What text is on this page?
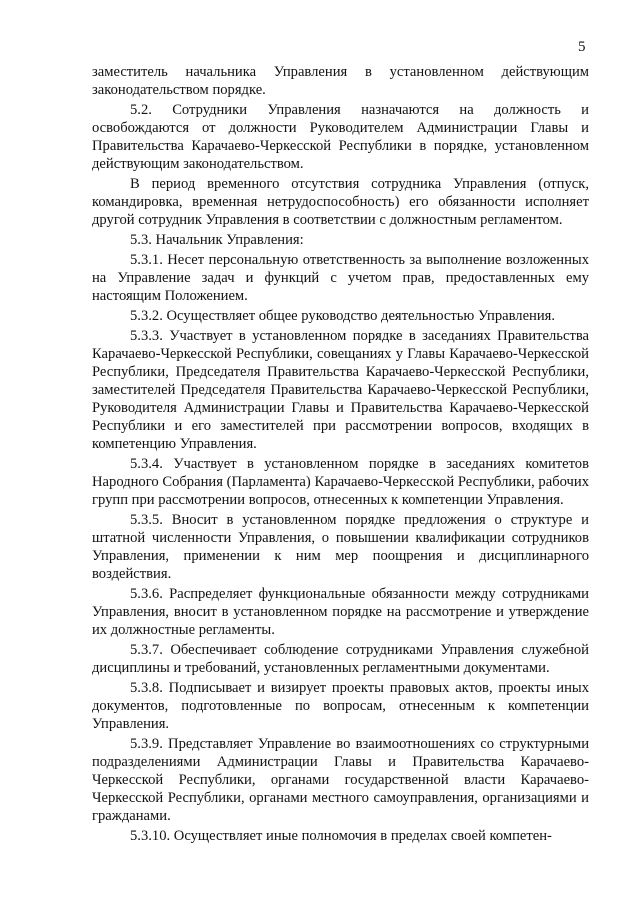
5

заместитель начальника Управления в установленном действующим законодательством порядке.

5.2. Сотрудники Управления назначаются на должность и освобождаются от должности Руководителем Администрации Главы и Правительства Карачаево-Черкесской Республики в порядке, установленном действующим законодательством.

В период временного отсутствия сотрудника Управления (отпуск, командировка, временная нетрудоспособность) его обязанности исполняет другой сотрудник Управления в соответствии с должностным регламентом.

5.3. Начальник Управления:

5.3.1. Несет персональную ответственность за выполнение возложенных на Управление задач и функций с учетом прав, предоставленных ему настоящим Положением.

5.3.2. Осуществляет общее руководство деятельностью Управления.

5.3.3. Участвует в установленном порядке в заседаниях Правительства Карачаево-Черкесской Республики, совещаниях у Главы Карачаево-Черкесской Республики, Председателя Правительства Карачаево-Черкесской Республики, заместителей Председателя Правительства Карачаево-Черкесской Республики, Руководителя Администрации Главы и Правительства Карачаево-Черкесской Республики и его заместителей при рассмотрении вопросов, входящих в компетенцию Управления.

5.3.4. Участвует в установленном порядке в заседаниях комитетов Народного Собрания (Парламента) Карачаево-Черкесской Республики, рабочих групп при рассмотрении вопросов, отнесенных к компетенции Управления.

5.3.5. Вносит в установленном порядке предложения о структуре и штатной численности Управления, о повышении квалификации сотрудников Управления, применении к ним мер поощрения и дисциплинарного воздействия.

5.3.6. Распределяет функциональные обязанности между сотрудниками Управления, вносит в установленном порядке на рассмотрение и утверждение их должностные регламенты.

5.3.7. Обеспечивает соблюдение сотрудниками Управления служебной дисциплины и требований, установленных регламентными документами.

5.3.8. Подписывает и визирует проекты правовых актов, проекты иных документов, подготовленные по вопросам, отнесенным к компетенции Управления.

5.3.9. Представляет Управление во взаимоотношениях со структурными подразделениями Администрации Главы и Правительства Карачаево-Черкесской Республики, органами государственной власти Карачаево-Черкесской Республики, органами местного самоуправления, организациями и гражданами.

5.3.10. Осуществляет иные полномочия в пределах своей компетен-
